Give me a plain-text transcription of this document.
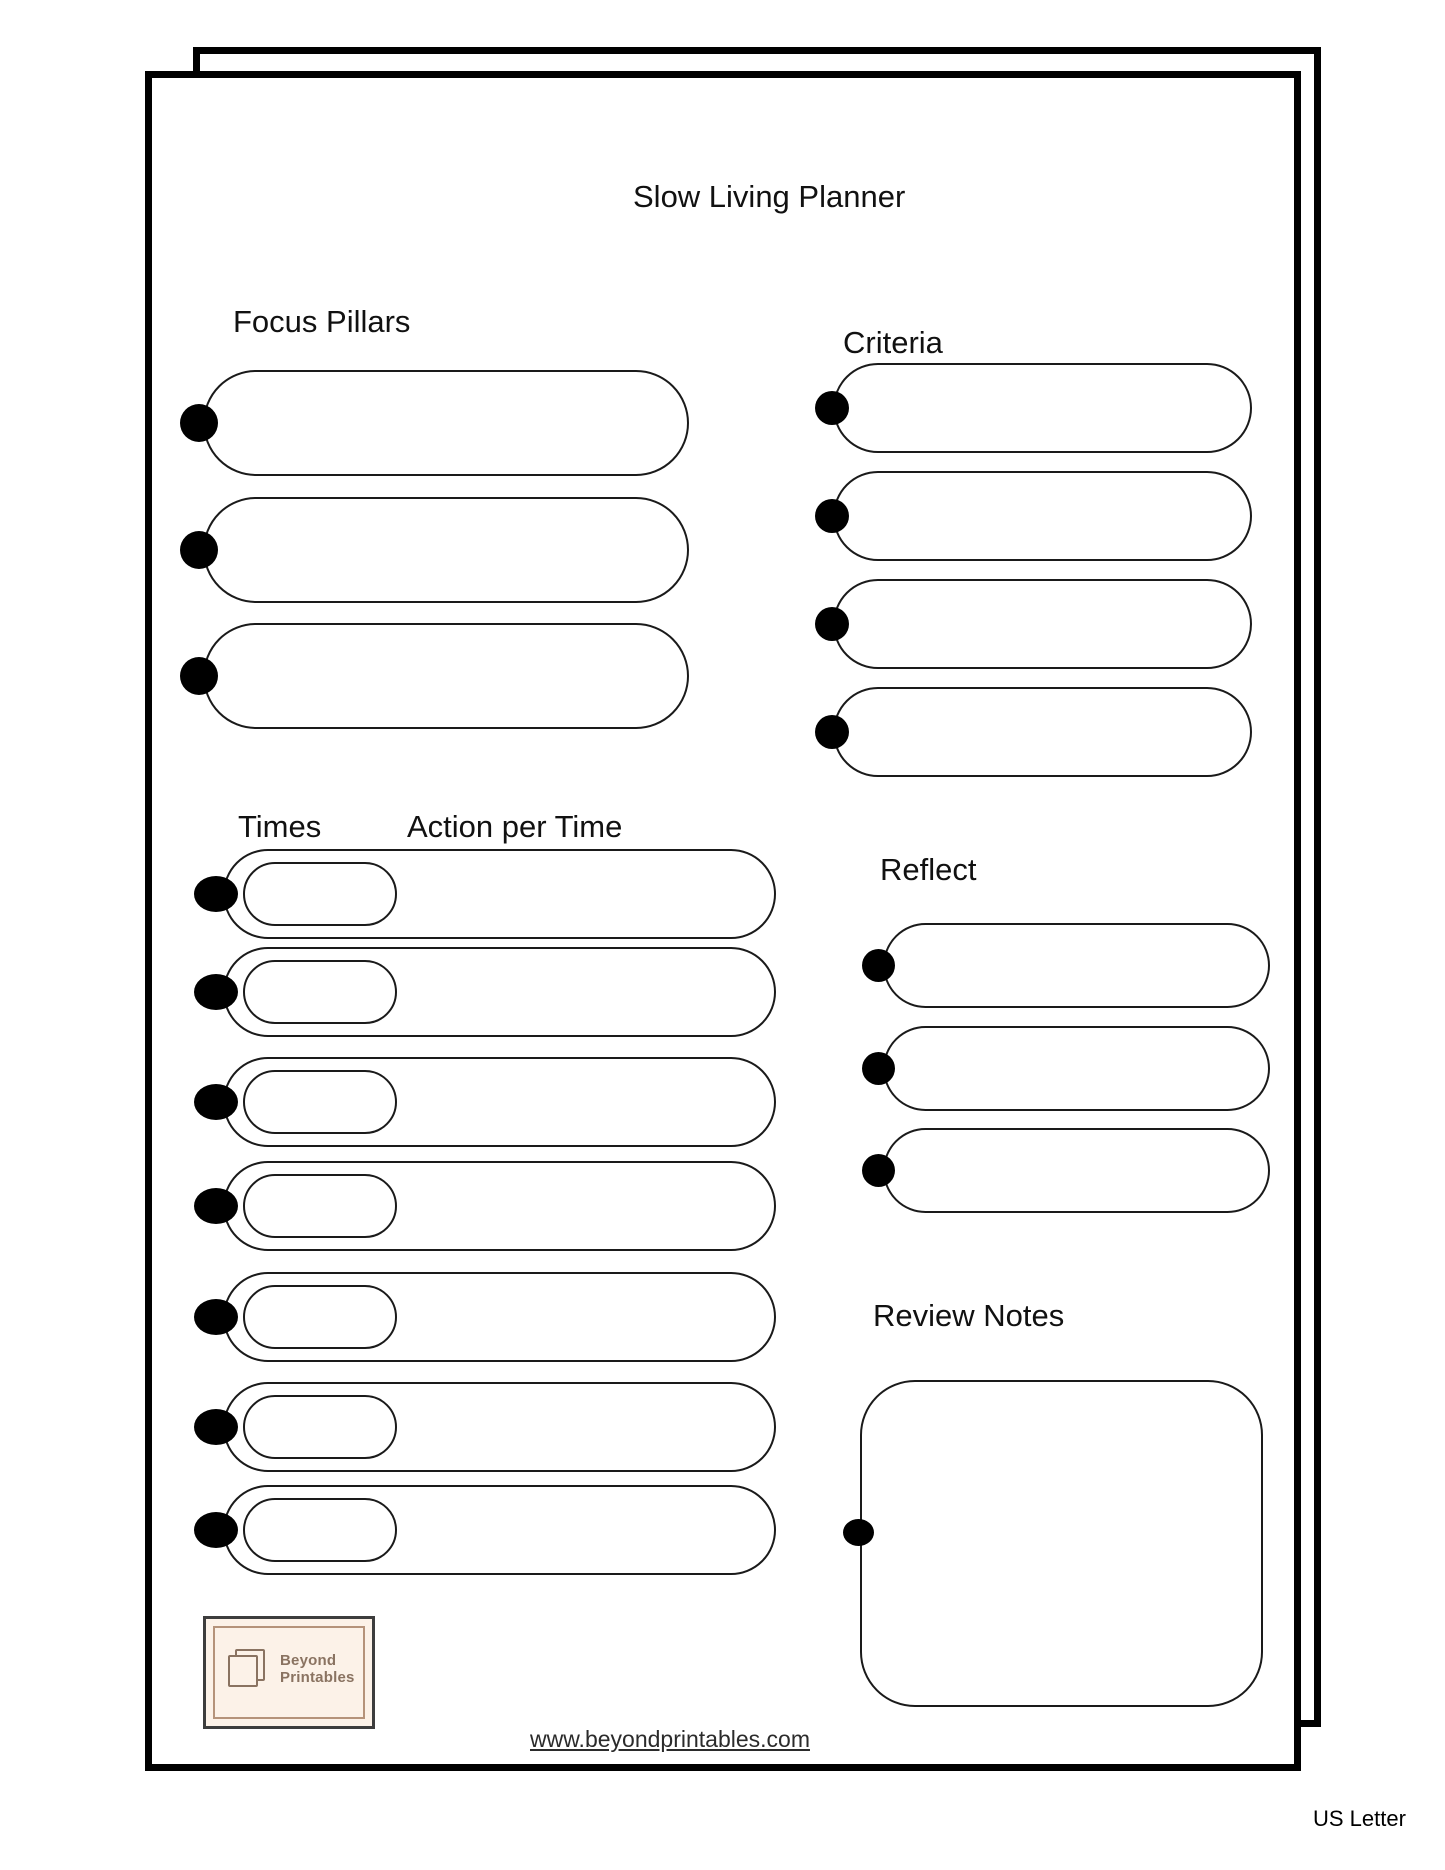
Slow Living Planner
Focus Pillars
Criteria
Times	Action per Time
Reflect
Review Notes
Beyond
Printables
www.beyondprintables.com
US Letter
